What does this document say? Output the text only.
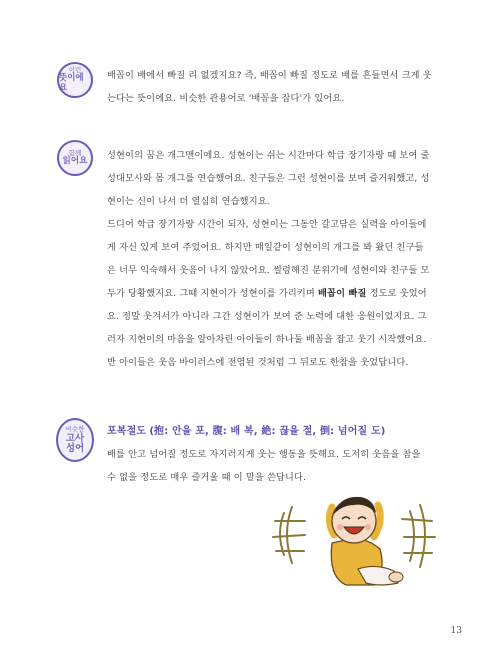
이런
뜻이에요

배꼽이 배에서 빠질 리 없겠지요? 즉, 배꼽이 빠질 정도로 배를 흔들면서 크게 웃는다는 뜻이에요. 비슷한 관용어로 '배꼽을 잡다'가 있어요.

함께
읽어요 성현이의 꿈은 개그맨이에요. 성현이는 쉬는 시간마다 학급 장기자랑 때 보여 줄 성대모사와 몸 개그를 연습했어요. 친구들은 그런 성현이를 보며 즐거워했고, 성현이는 신이 나서 더 열심히 연습했지요.

드디어 학급 장기자랑 시간이 되자, 성현이는 그동안 갈고닦은 실력을 아이들에게 자신 있게 보여 주었어요. 하지만 매일같이 성현이의 개그를 봐 왔던 친구들은 너무 익숙해서 웃음이 나지 않았어요. 썰렁해진 분위기에 성현이와 친구들 모두가 당황했지요. 그때 지현이가 성현이를 가리키며 배꼽이 빠질 정도로 웃었어요. 정말 웃겨서가 아니라 그간 성현이가 보여 준 노력에 대한 응원이었지요. 그러자 지현이의 마음을 알아차린 아이들이 하나둘 배꼽을 잡고 웃기 시작했어요. 반 아이들은 웃음 바이러스에 전염된 것처럼 그 뒤로도 한참을 웃었답니다.

비슷한
고사
성어

포복절도 (抱: 안을 포, 腹: 배 복, 絶: 끊을 절, 倒: 넘어질 도)

배를 안고 넘어질 정도로 자지러지게 웃는 행동을 뜻해요. 도저히 웃음을 참을 수 없을 정도로 매우 즐거울 때 이 말을 쓴답니다.

13
